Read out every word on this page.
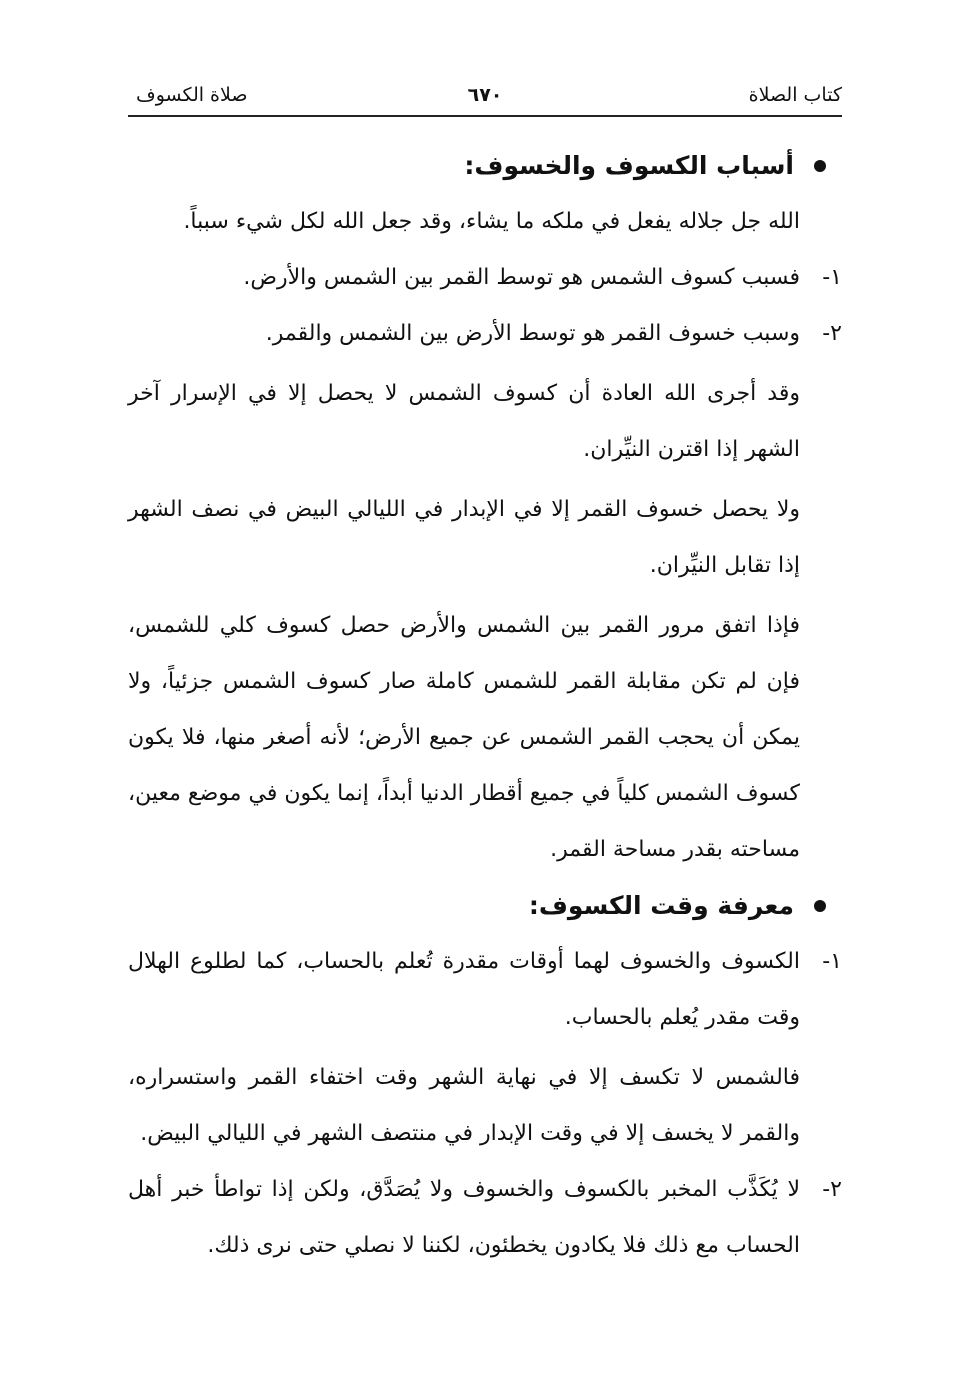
كتاب الصلاة
٦٧٠
صلاة الكسوف
أسباب الكسوف والخسوف:

الله جل جلاله يفعل في ملكه ما يشاء، وقد جعل الله لكل شيء سبباً.

١-
فسبب كسوف الشمس هو توسط القمر بين الشمس والأرض.
٢-
وسبب خسوف القمر هو توسط الأرض بين الشمس والقمر.

وقد أجرى الله العادة أن كسوف الشمس لا يحصل إلا في الإسرار آخر الشهر إذا اقترن النيِّران.

ولا يحصل خسوف القمر إلا في الإبدار في الليالي البيض في نصف الشهر إذا تقابل النيِّران.

فإذا اتفق مرور القمر بين الشمس والأرض حصل كسوف كلي للشمس، فإن لم تكن مقابلة القمر للشمس كاملة صار كسوف الشمس جزئياً، ولا يمكن أن يحجب القمر الشمس عن جميع الأرض؛ لأنه أصغر منها، فلا يكون كسوف الشمس كلياً في جميع أقطار الدنيا أبداً، إنما يكون في موضع معين، مساحته بقدر مساحة القمر.

معرفة وقت الكسوف:
١-
الكسوف والخسوف لهما أوقات مقدرة تُعلم بالحساب، كما لطلوع الهلال وقت مقدر يُعلم بالحساب.

فالشمس لا تكسف إلا في نهاية الشهر وقت اختفاء القمر واستسراره، والقمر لا يخسف إلا في وقت الإبدار في منتصف الشهر في الليالي البيض.

٢-
لا يُكَذَّب المخبر بالكسوف والخسوف ولا يُصَدَّق، ولكن إذا تواطأ خبر أهل الحساب مع ذلك فلا يكادون يخطئون، لكننا لا نصلي حتى نرى ذلك.
